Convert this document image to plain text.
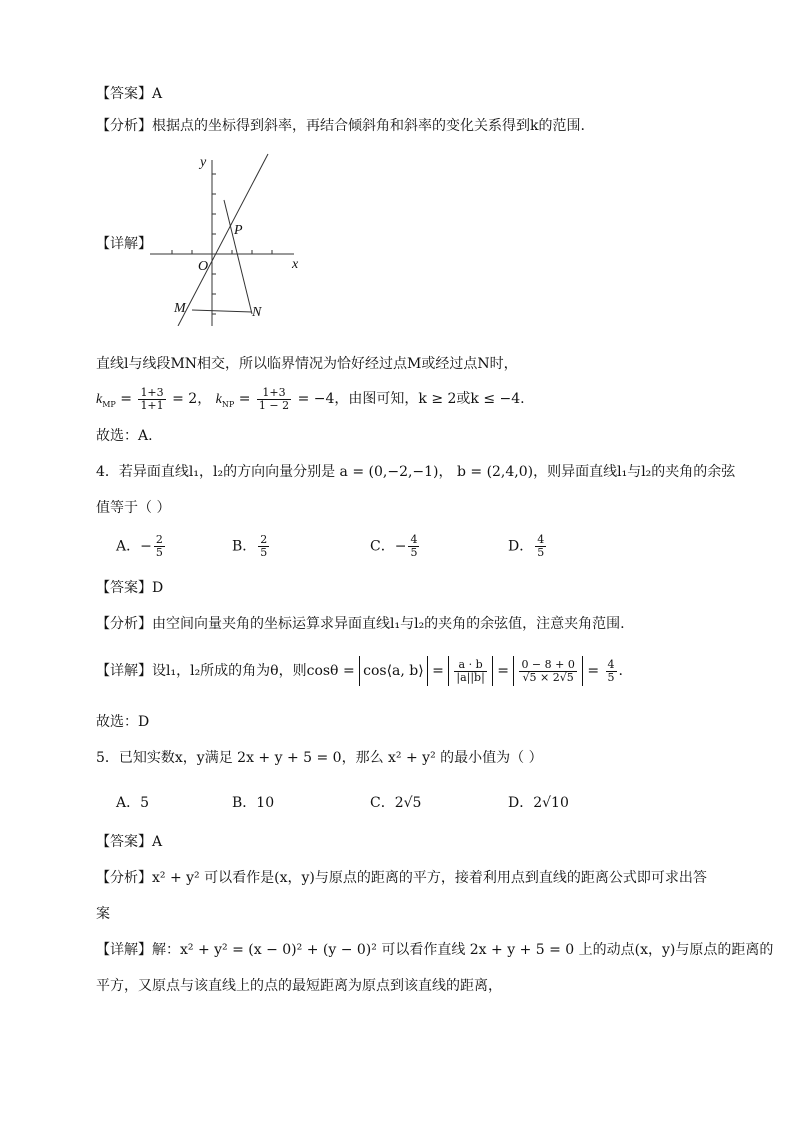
【答案】A
【分析】根据点的坐标得到斜率，再结合倾斜角和斜率的变化关系得到k的范围.
【详解】
y
x
O
P
M	N
直线l与线段MN相交，所以临界情况为恰好经过点M或经过点N时，
$k_{MP} = \frac{1+3}{1+1} = 2$， $k_{NP} = \frac{1+3}{1 - 2} = -4$，由图可知，k ≥ 2或k ≤ −4.
故选：A.
4．若异面直线l₁，l₂的方向向量分别是 a = (0,−2,−1)， b = (2,4,0)，则异面直线l₁与l₂的夹角的余弦
值等于（ ）
A．− $\frac{2}{5}$	B． $\frac{2}{5}$	C．− $\frac{4}{5}$	D． $\frac{4}{5}$
【答案】D
【分析】由空间向量夹角的坐标运算求异面直线l₁与l₂的夹角的余弦值，注意夹角范围.
【详解】设l₁，l₂所成的角为θ，则cosθ = cos⟨a, b⟩ = $\frac{a \cdot b}{|a||b|} = \frac{0 - 8 + 0}{√5 \times 2√5} = \frac{4}{5}$ .
故选：D
5．已知实数x，y满足 2x + y + 5 = 0，那么 x² + y² 的最小值为（ ）
A．5	B．10	C．2√5	D．2√10
【答案】A
【分析】x² + y² 可以看作是(x，y)与原点的距离的平方，接着利用点到直线的距离公式即可求出答
案
【详解】解：x² + y² = (x − 0)² + (y − 0)² 可以看作直线 2x + y + 5 = 0 上的动点(x，y)与原点的距离的
平方，又原点与该直线上的点的最短距离为原点到该直线的距离，
